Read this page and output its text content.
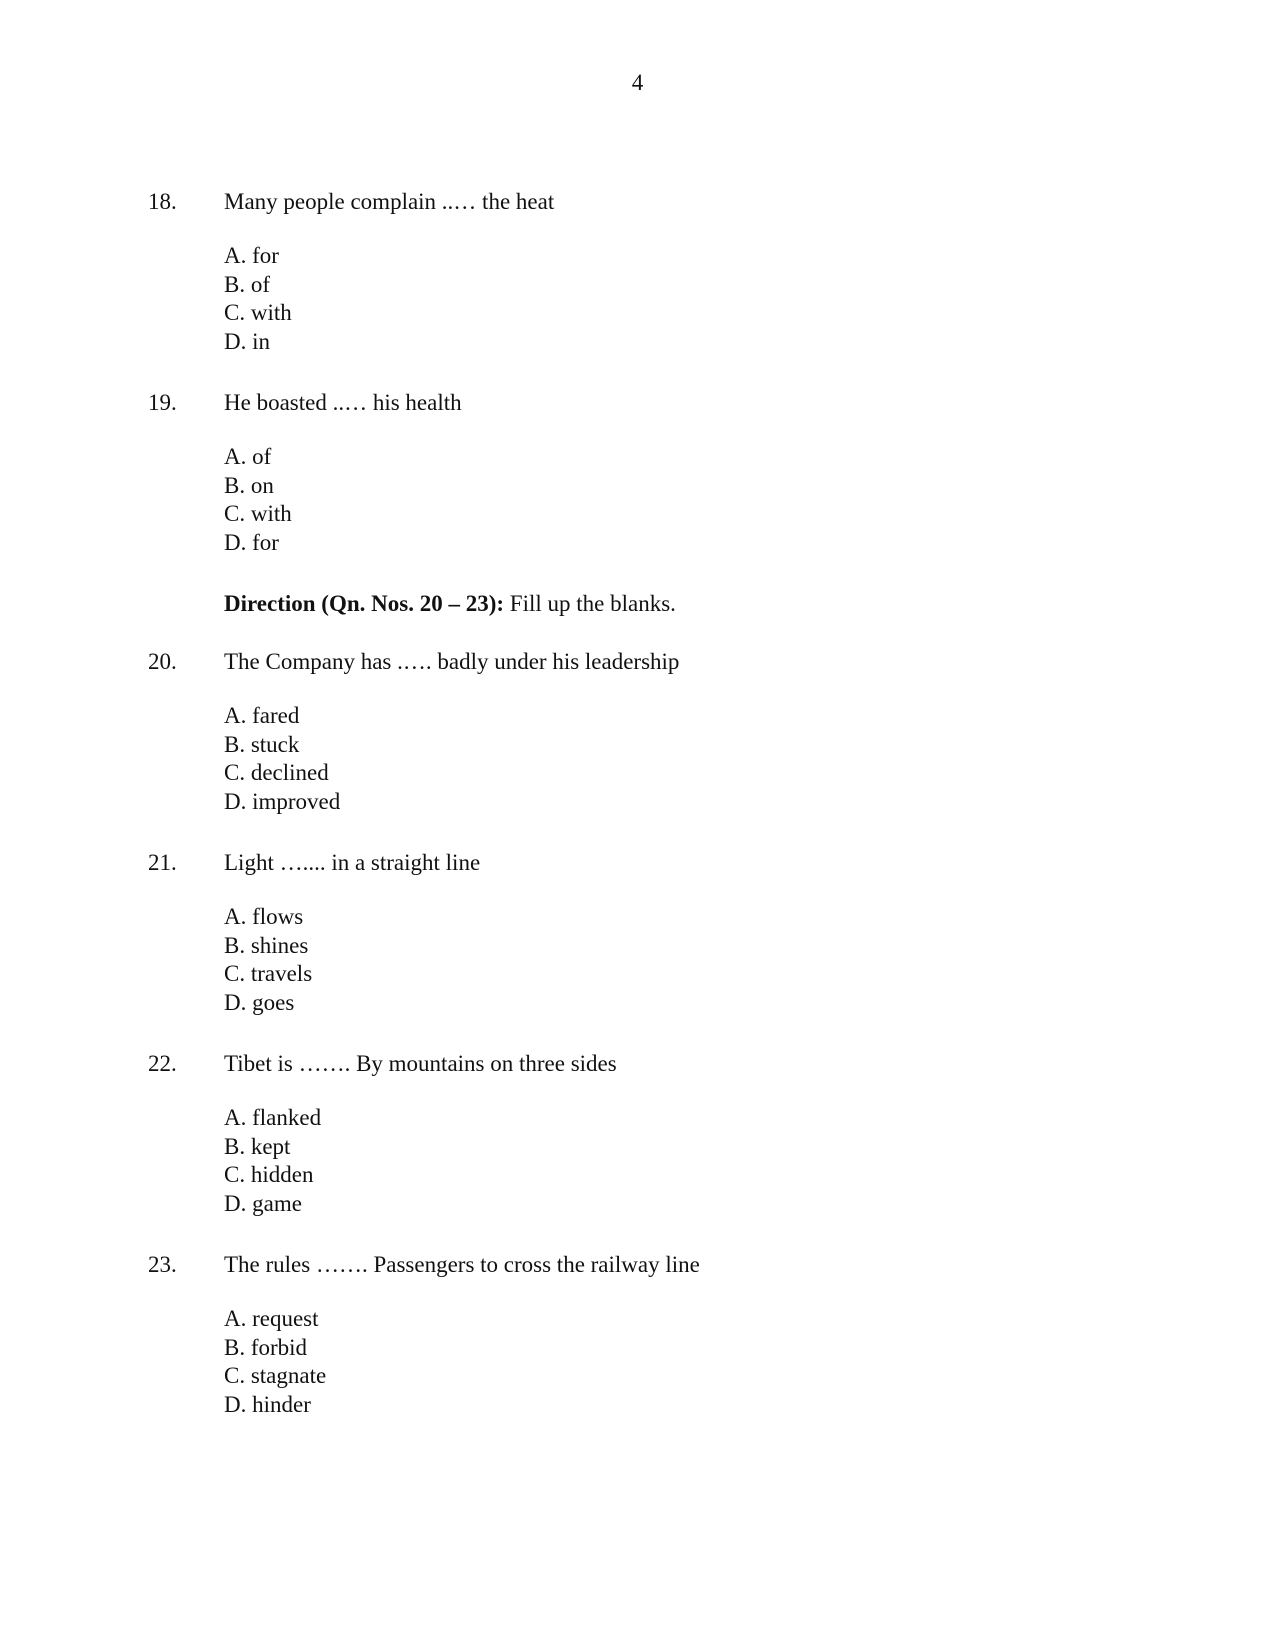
4
18. Many people complain ..… the heat
A. for
B. of
C. with
D. in
19. He boasted ..… his health
A. of
B. on
C. with
D. for
Direction (Qn. Nos. 20 – 23): Fill up the blanks.
20. The Company has .…. badly under his leadership
A. fared
B. stuck
C. declined
D. improved
21. Light ….... in a straight line
A. flows
B. shines
C. travels
D. goes
22. Tibet is ……. By mountains on three sides
A. flanked
B. kept
C. hidden
D. game
23. The rules ……. Passengers to cross the railway line
A. request
B. forbid
C. stagnate
D. hinder
